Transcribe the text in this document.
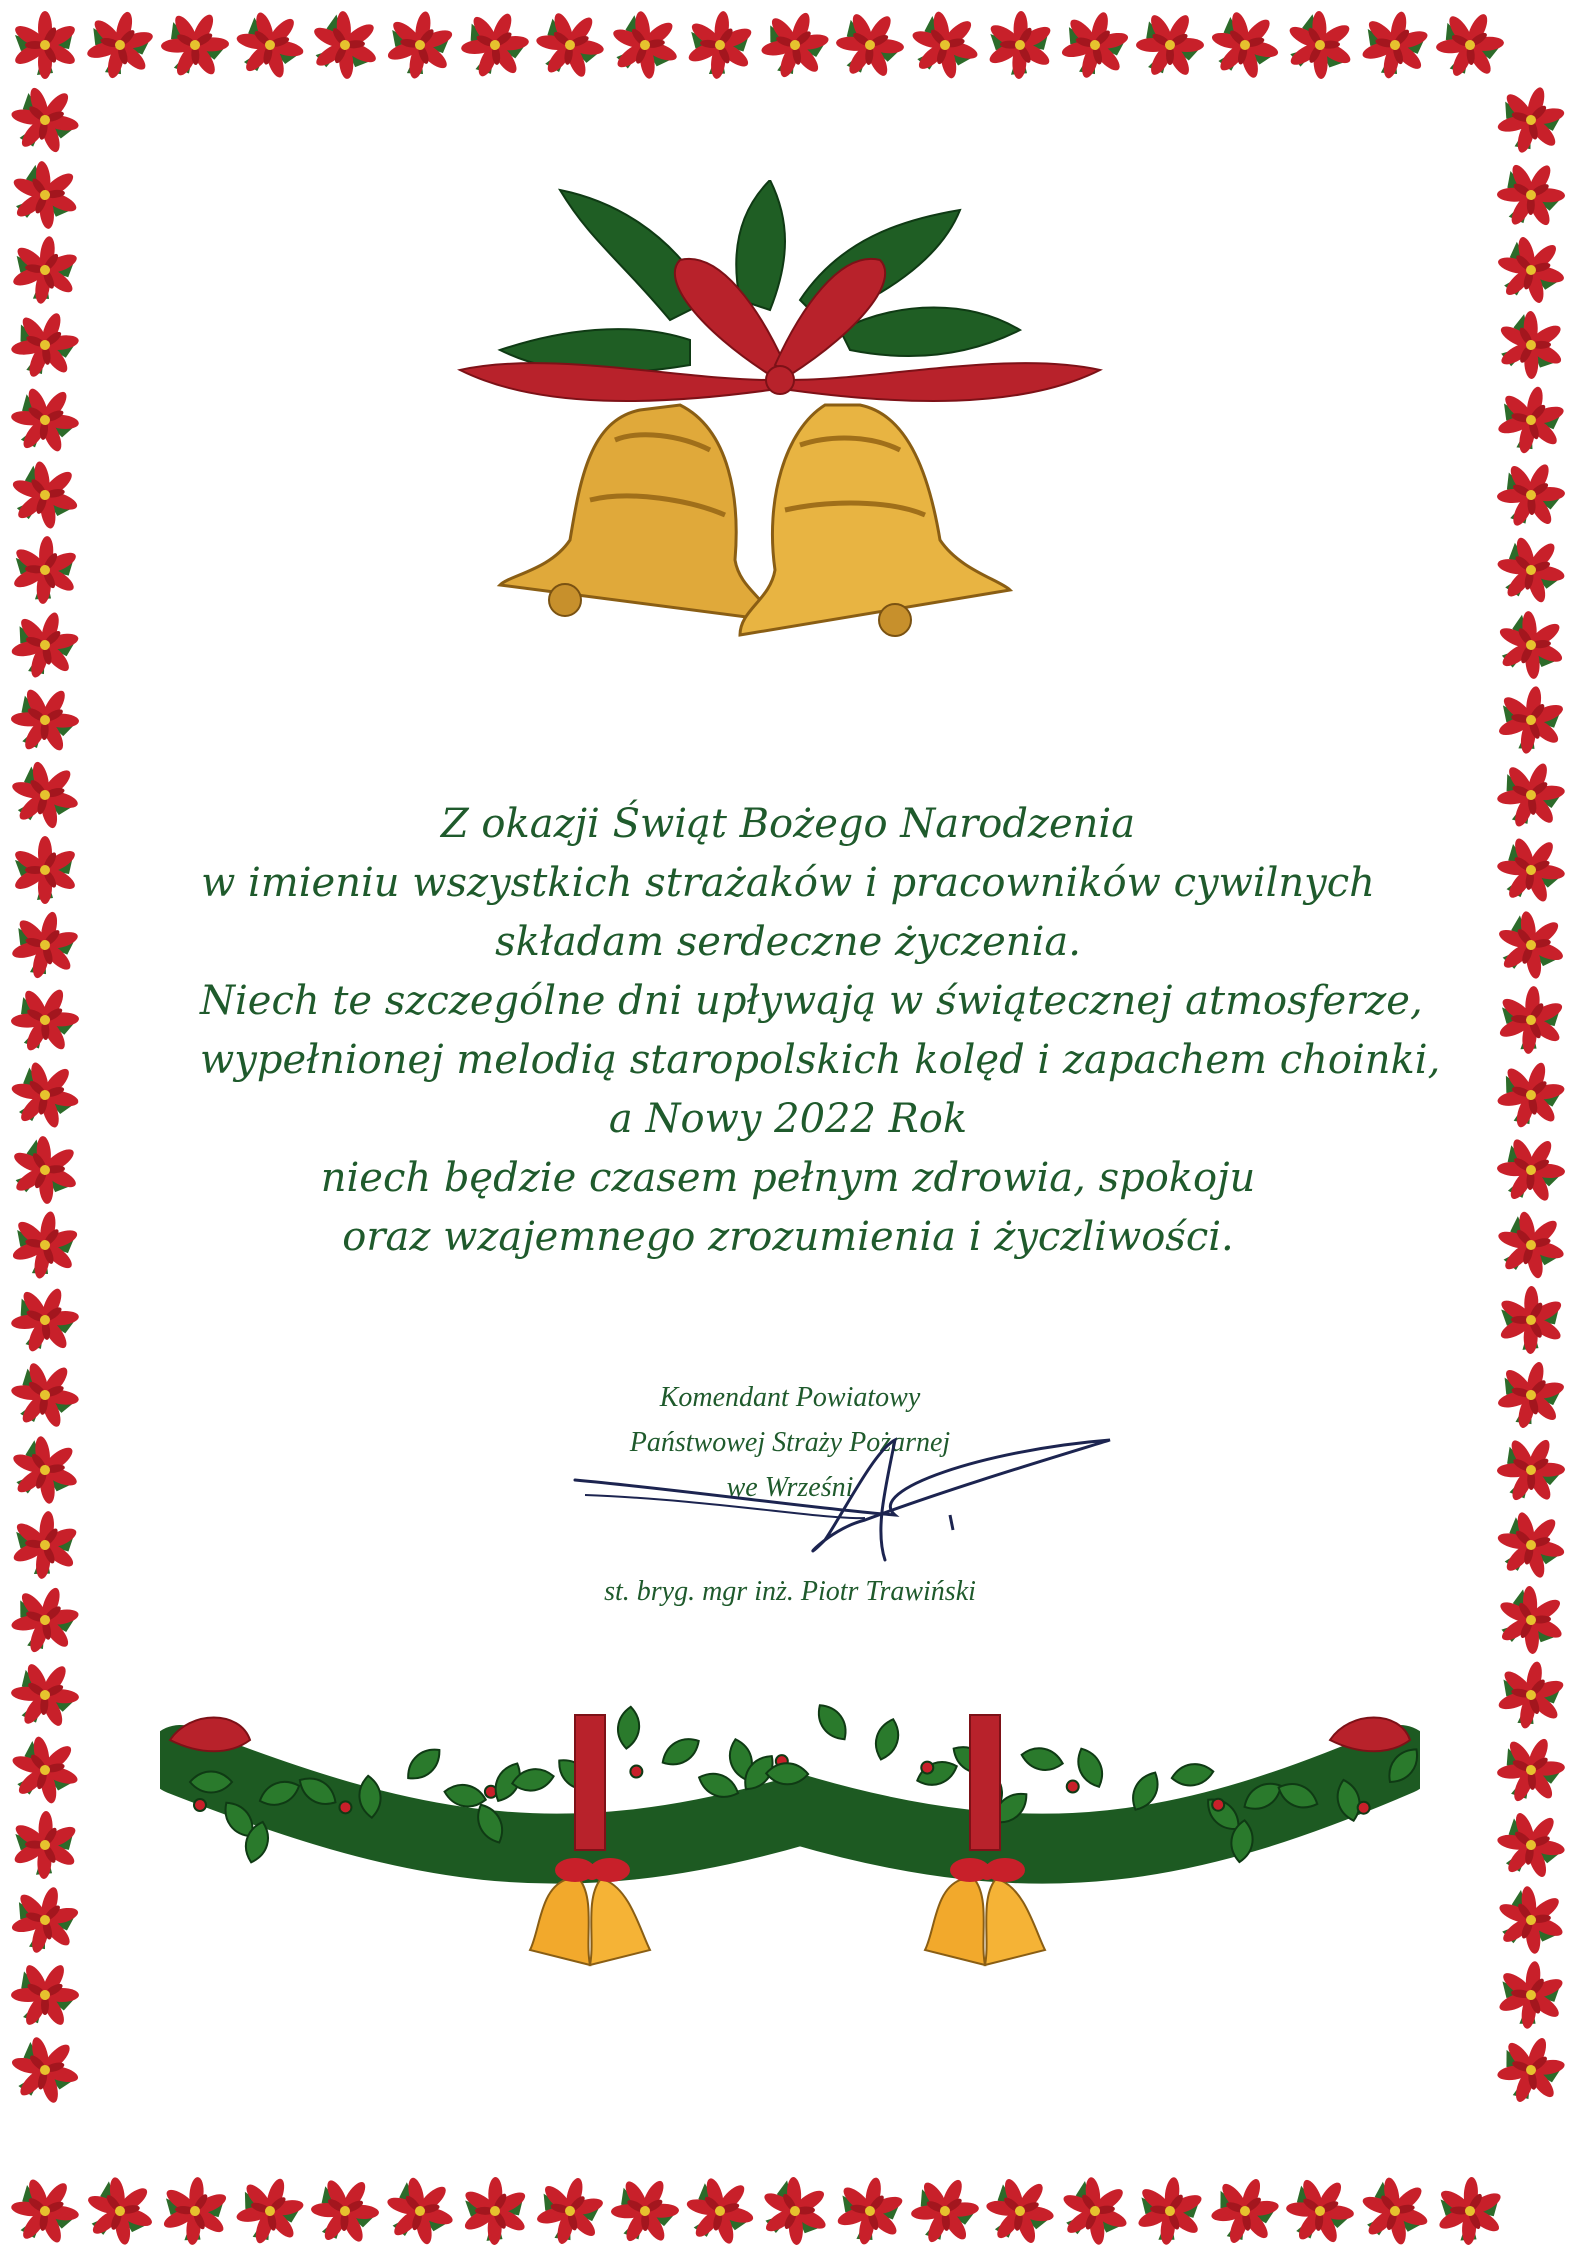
Z okazji Świąt Bożego Narodzenia
w imieniu wszystkich strażaków i pracowników cywilnych
składam serdeczne życzenia.
Niech te szczególne dni upływają w świątecznej atmosferze,
wypełnionej melodią staropolskich kolęd i zapachem choinki,
a Nowy 2022 Rok
niech będzie czasem pełnym zdrowia, spokoju
oraz wzajemnego zrozumienia i życzliwości.
Komendant Powiatowy
Państwowej Straży Pożarnej
we Wrześni
st. bryg. mgr inż. Piotr Trawiński
